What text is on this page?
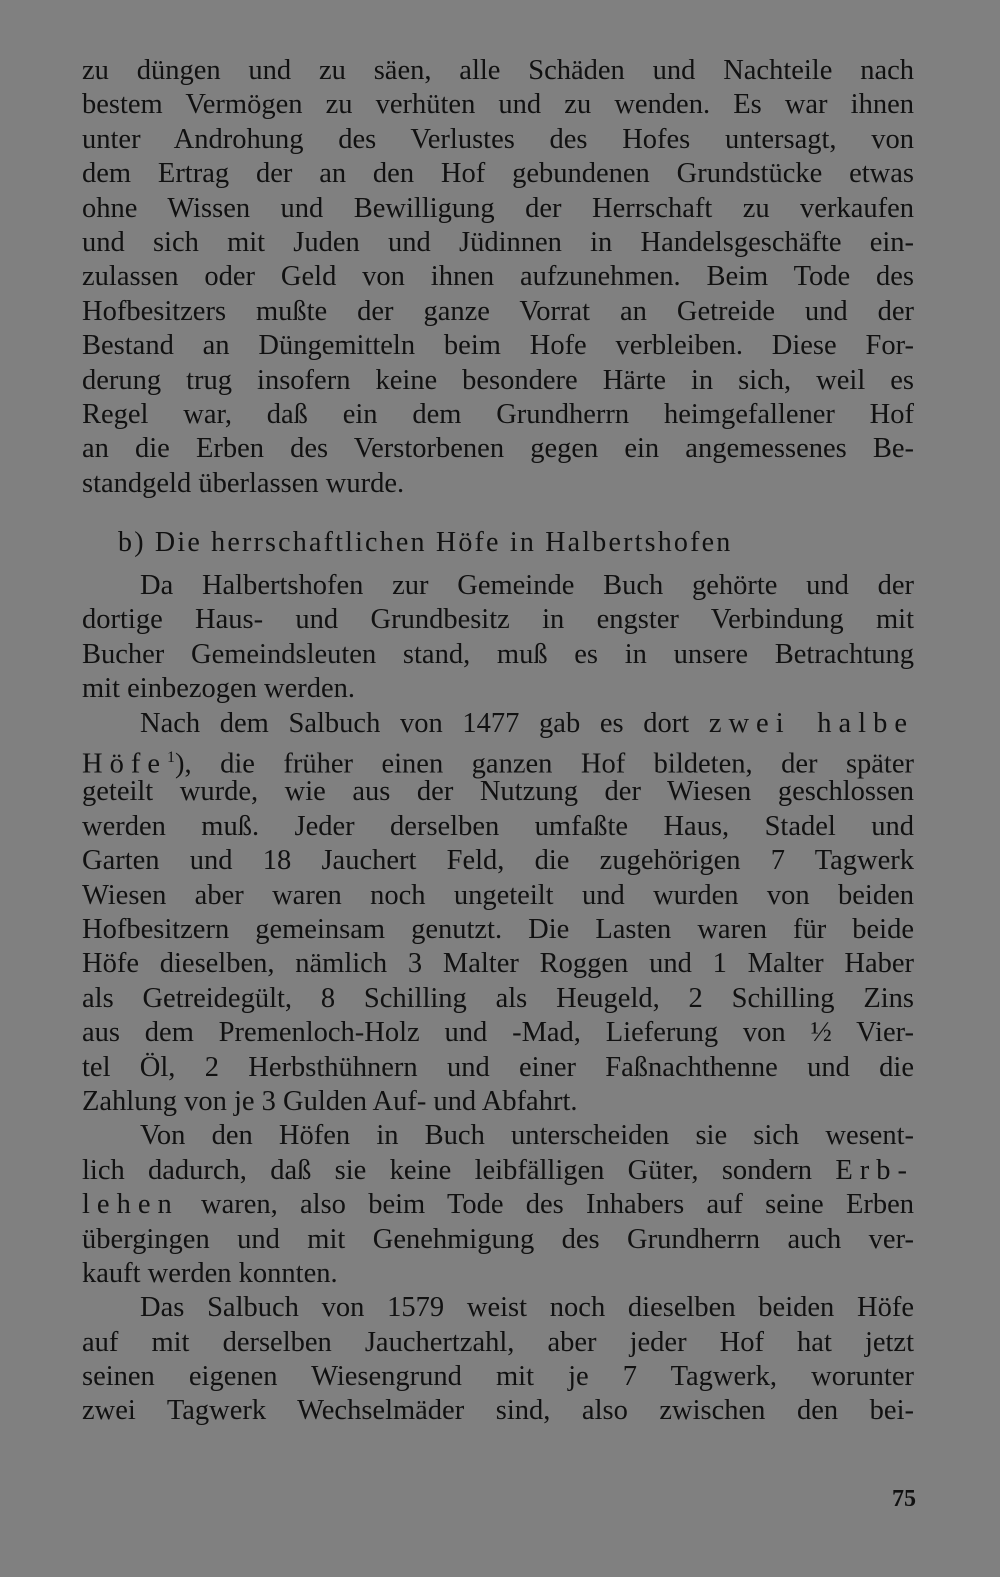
zu düngen und zu säen, alle Schäden und Nachteile nach
bestem Vermögen zu verhüten und zu wenden. Es war ihnen
unter Androhung des Verlustes des Hofes untersagt, von
dem Ertrag der an den Hof gebundenen Grundstücke etwas
ohne Wissen und Bewilligung der Herrschaft zu verkaufen
und sich mit Juden und Jüdinnen in Handelsgeschäfte ein-
zulassen oder Geld von ihnen aufzunehmen. Beim Tode des
Hofbesitzers mußte der ganze Vorrat an Getreide und der
Bestand an Düngemitteln beim Hofe verbleiben. Diese For-
derung trug insofern keine besondere Härte in sich, weil es
Regel war, daß ein dem Grundherrn heimgefallener Hof
an die Erben des Verstorbenen gegen ein angemessenes Be-
standgeld überlassen wurde.
b) Die herrschaftlichen Höfe in Halbertshofen
Da Halbertshofen zur Gemeinde Buch gehörte und der
dortige Haus- und Grundbesitz in engster Verbindung mit
Bucher Gemeindsleuten stand, muß es in unsere Betrachtung
mit einbezogen werden.
Nach dem Salbuch von 1477 gab es dort zwei halbe
Höfe$^1$), die früher einen ganzen Hof bildeten, der später
geteilt wurde, wie aus der Nutzung der Wiesen geschlossen
werden muß. Jeder derselben umfaßte Haus, Stadel und
Garten und 18 Jauchert Feld, die zugehörigen 7 Tagwerk
Wiesen aber waren noch ungeteilt und wurden von beiden
Hofbesitzern gemeinsam genutzt. Die Lasten waren für beide
Höfe dieselben, nämlich 3 Malter Roggen und 1 Malter Haber
als Getreidegült, 8 Schilling als Heugeld, 2 Schilling Zins
aus dem Premenloch-Holz und -Mad, Lieferung von ½ Vier-
tel Öl, 2 Herbsthühnern und einer Faßnachthenne und die
Zahlung von je 3 Gulden Auf- und Abfahrt.
Von den Höfen in Buch unterscheiden sie sich wesent-
lich dadurch, daß sie keine leibfälligen Güter, sondern Erb-
lehen waren, also beim Tode des Inhabers auf seine Erben
übergingen und mit Genehmigung des Grundherrn auch ver-
kauft werden konnten.
Das Salbuch von 1579 weist noch dieselben beiden Höfe
auf mit derselben Jauchertzahl, aber jeder Hof hat jetzt
seinen eigenen Wiesengrund mit je 7 Tagwerk, worunter
zwei Tagwerk Wechselmäder sind, also zwischen den bei-
75
